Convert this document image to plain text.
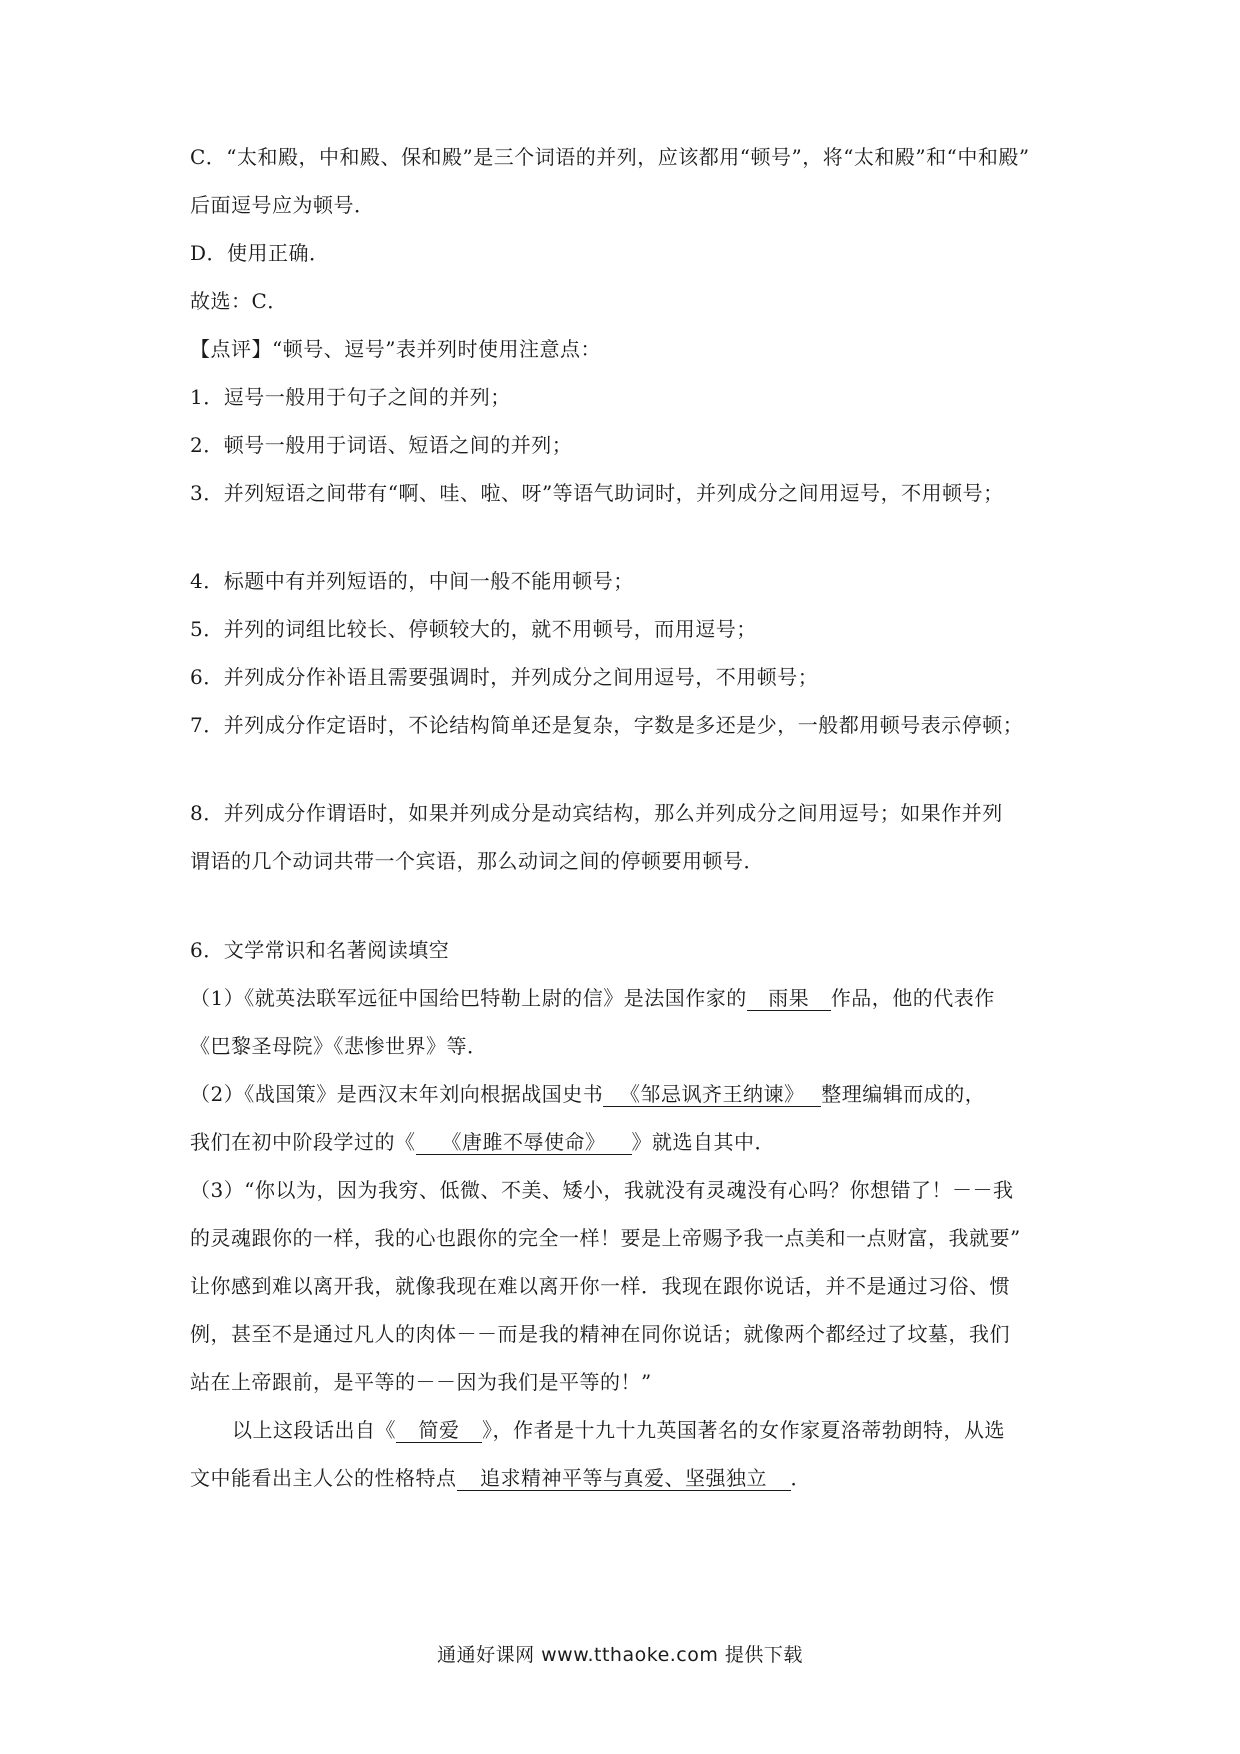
C．“太和殿，中和殿、保和殿”是三个词语的并列，应该都用“顿号”，将“太和殿”和“中和殿”
后面逗号应为顿号．
D．使用正确．
故选：C．
【点评】“顿号、逗号”表并列时使用注意点：
1．逗号一般用于句子之间的并列；
2．顿号一般用于词语、短语之间的并列；
3．并列短语之间带有“啊、哇、啦、呀”等语气助词时，并列成分之间用逗号，不用顿号；
4．标题中有并列短语的，中间一般不能用顿号；
5．并列的词组比较长、停顿较大的，就不用顿号，而用逗号；
6．并列成分作补语且需要强调时，并列成分之间用逗号，不用顿号；
7．并列成分作定语时，不论结构简单还是复杂，字数是多还是少，一般都用顿号表示停顿；
8．并列成分作谓语时，如果并列成分是动宾结构，那么并列成分之间用逗号；如果作并列
谓语的几个动词共带一个宾语，那么动词之间的停顿要用顿号．
6．文学常识和名著阅读填空
（1）《就英法联军远征中国给巴特勒上尉的信》是法国作家的 雨果 作品，他的代表作
《巴黎圣母院》《悲惨世界》等．
（2）《战国策》是西汉末年刘向根据战国史书 《邹忌讽齐王纳谏》 整理编辑而成的，
我们在初中阶段学过的《 《唐雎不辱使命》 》就选自其中．
（3）“你以为，因为我穷、低微、不美、矮小，我就没有灵魂没有心吗？你想错了！－－我
的灵魂跟你的一样，我的心也跟你的完全一样！要是上帝赐予我一点美和一点财富，我就要”
让你感到难以离开我，就像我现在难以离开你一样．我现在跟你说话，并不是通过习俗、惯
例，甚至不是通过凡人的肉体－－而是我的精神在同你说话；就像两个都经过了坟墓，我们
站在上帝跟前，是平等的－－因为我们是平等的！”
以上这段话出自《 简爱 》，作者是十九十九英国著名的女作家夏洛蒂勃朗特，从选
文中能看出主人公的性格特点 追求精神平等与真爱、坚强独立 ．
通通好课网 www.tthaoke.com 提供下载
